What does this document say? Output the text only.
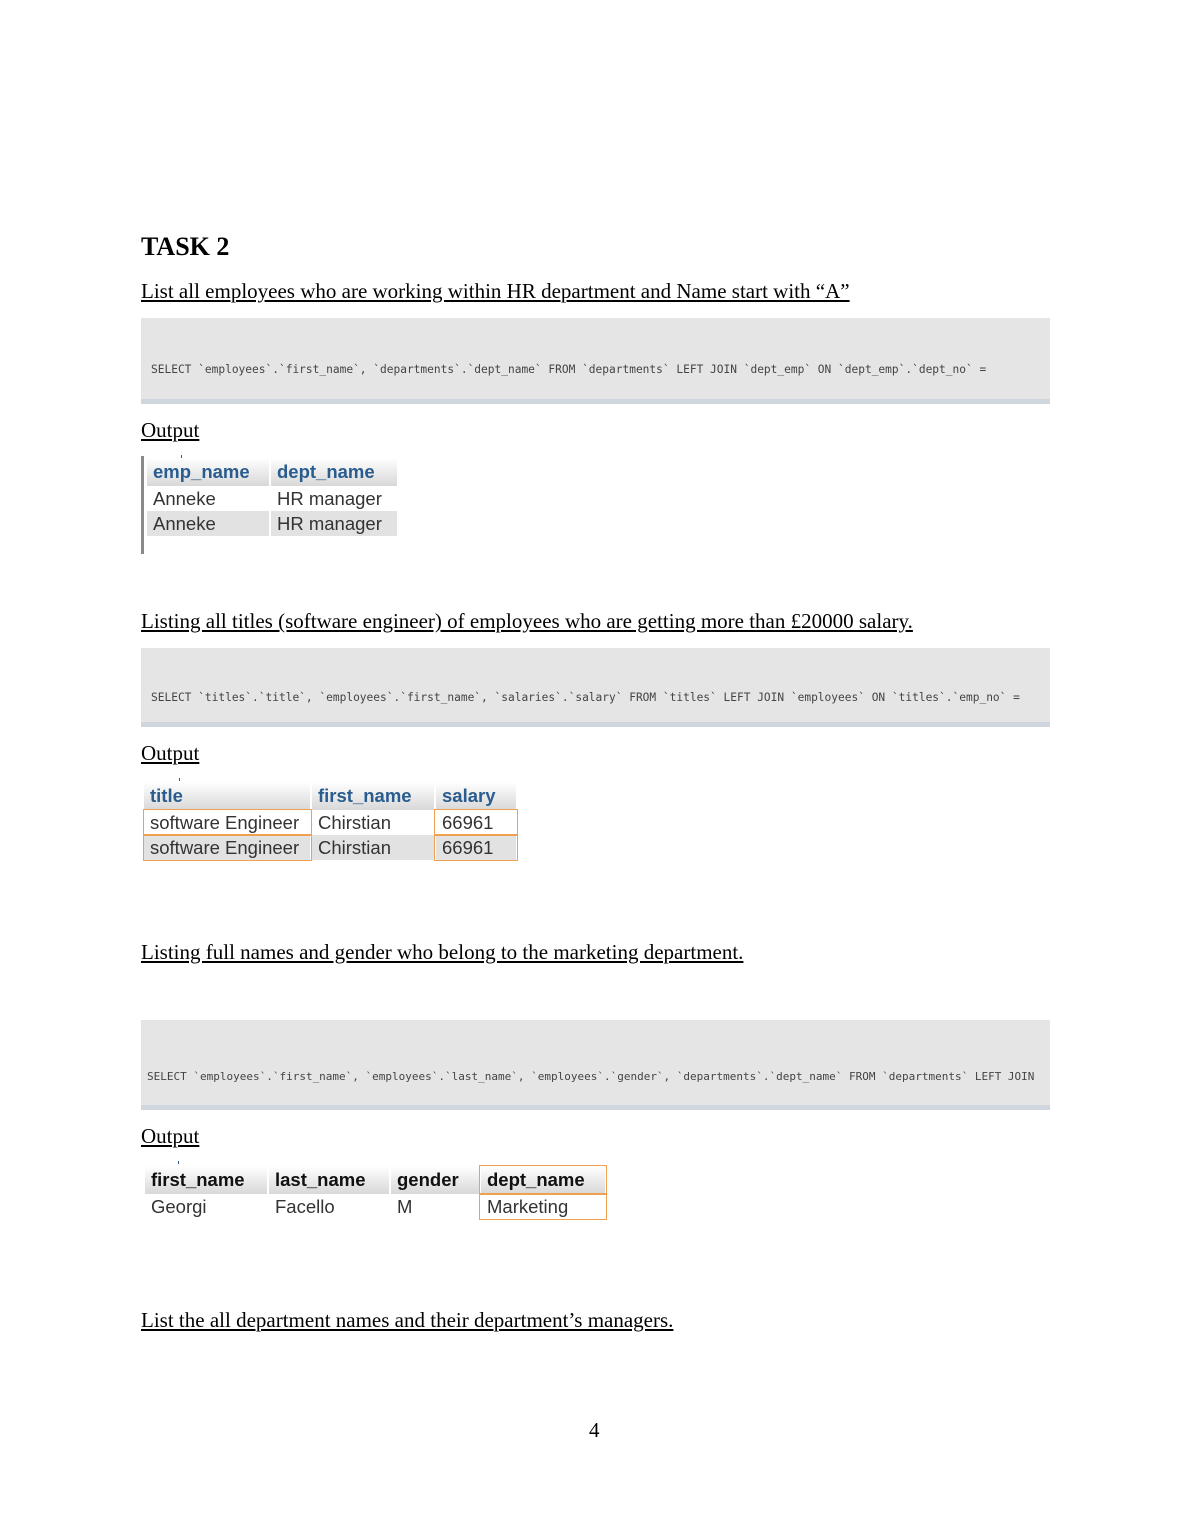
TASK 2
List all employees who are working within HR department and Name start with “A”

SELECT `employees`.`first_name`, `departments`.`dept_name` FROM `departments` LEFT JOIN `dept_emp` ON `dept_emp`.`dept_no` =

Output
emp_name	dept_name
Anneke	HR manager
Anneke	HR manager
Listing all titles (software engineer) of employees who are getting more than £20000 salary.

SELECT `titles`.`title`, `employees`.`first_name`, `salaries`.`salary` FROM `titles` LEFT JOIN `employees` ON `titles`.`emp_no` =

Output
title	first_name	salary
software Engineer	Chirstian	66961
software Engineer	Chirstian	66961
Listing full names and gender who belong to the marketing department.

SELECT `employees`.`first_name`, `employees`.`last_name`, `employees`.`gender`, `departments`.`dept_name` FROM `departments` LEFT JOIN

Output
first_name	last_name	gender	dept_name
Georgi	Facello	M	Marketing
List the all department names and their department’s managers.
4
